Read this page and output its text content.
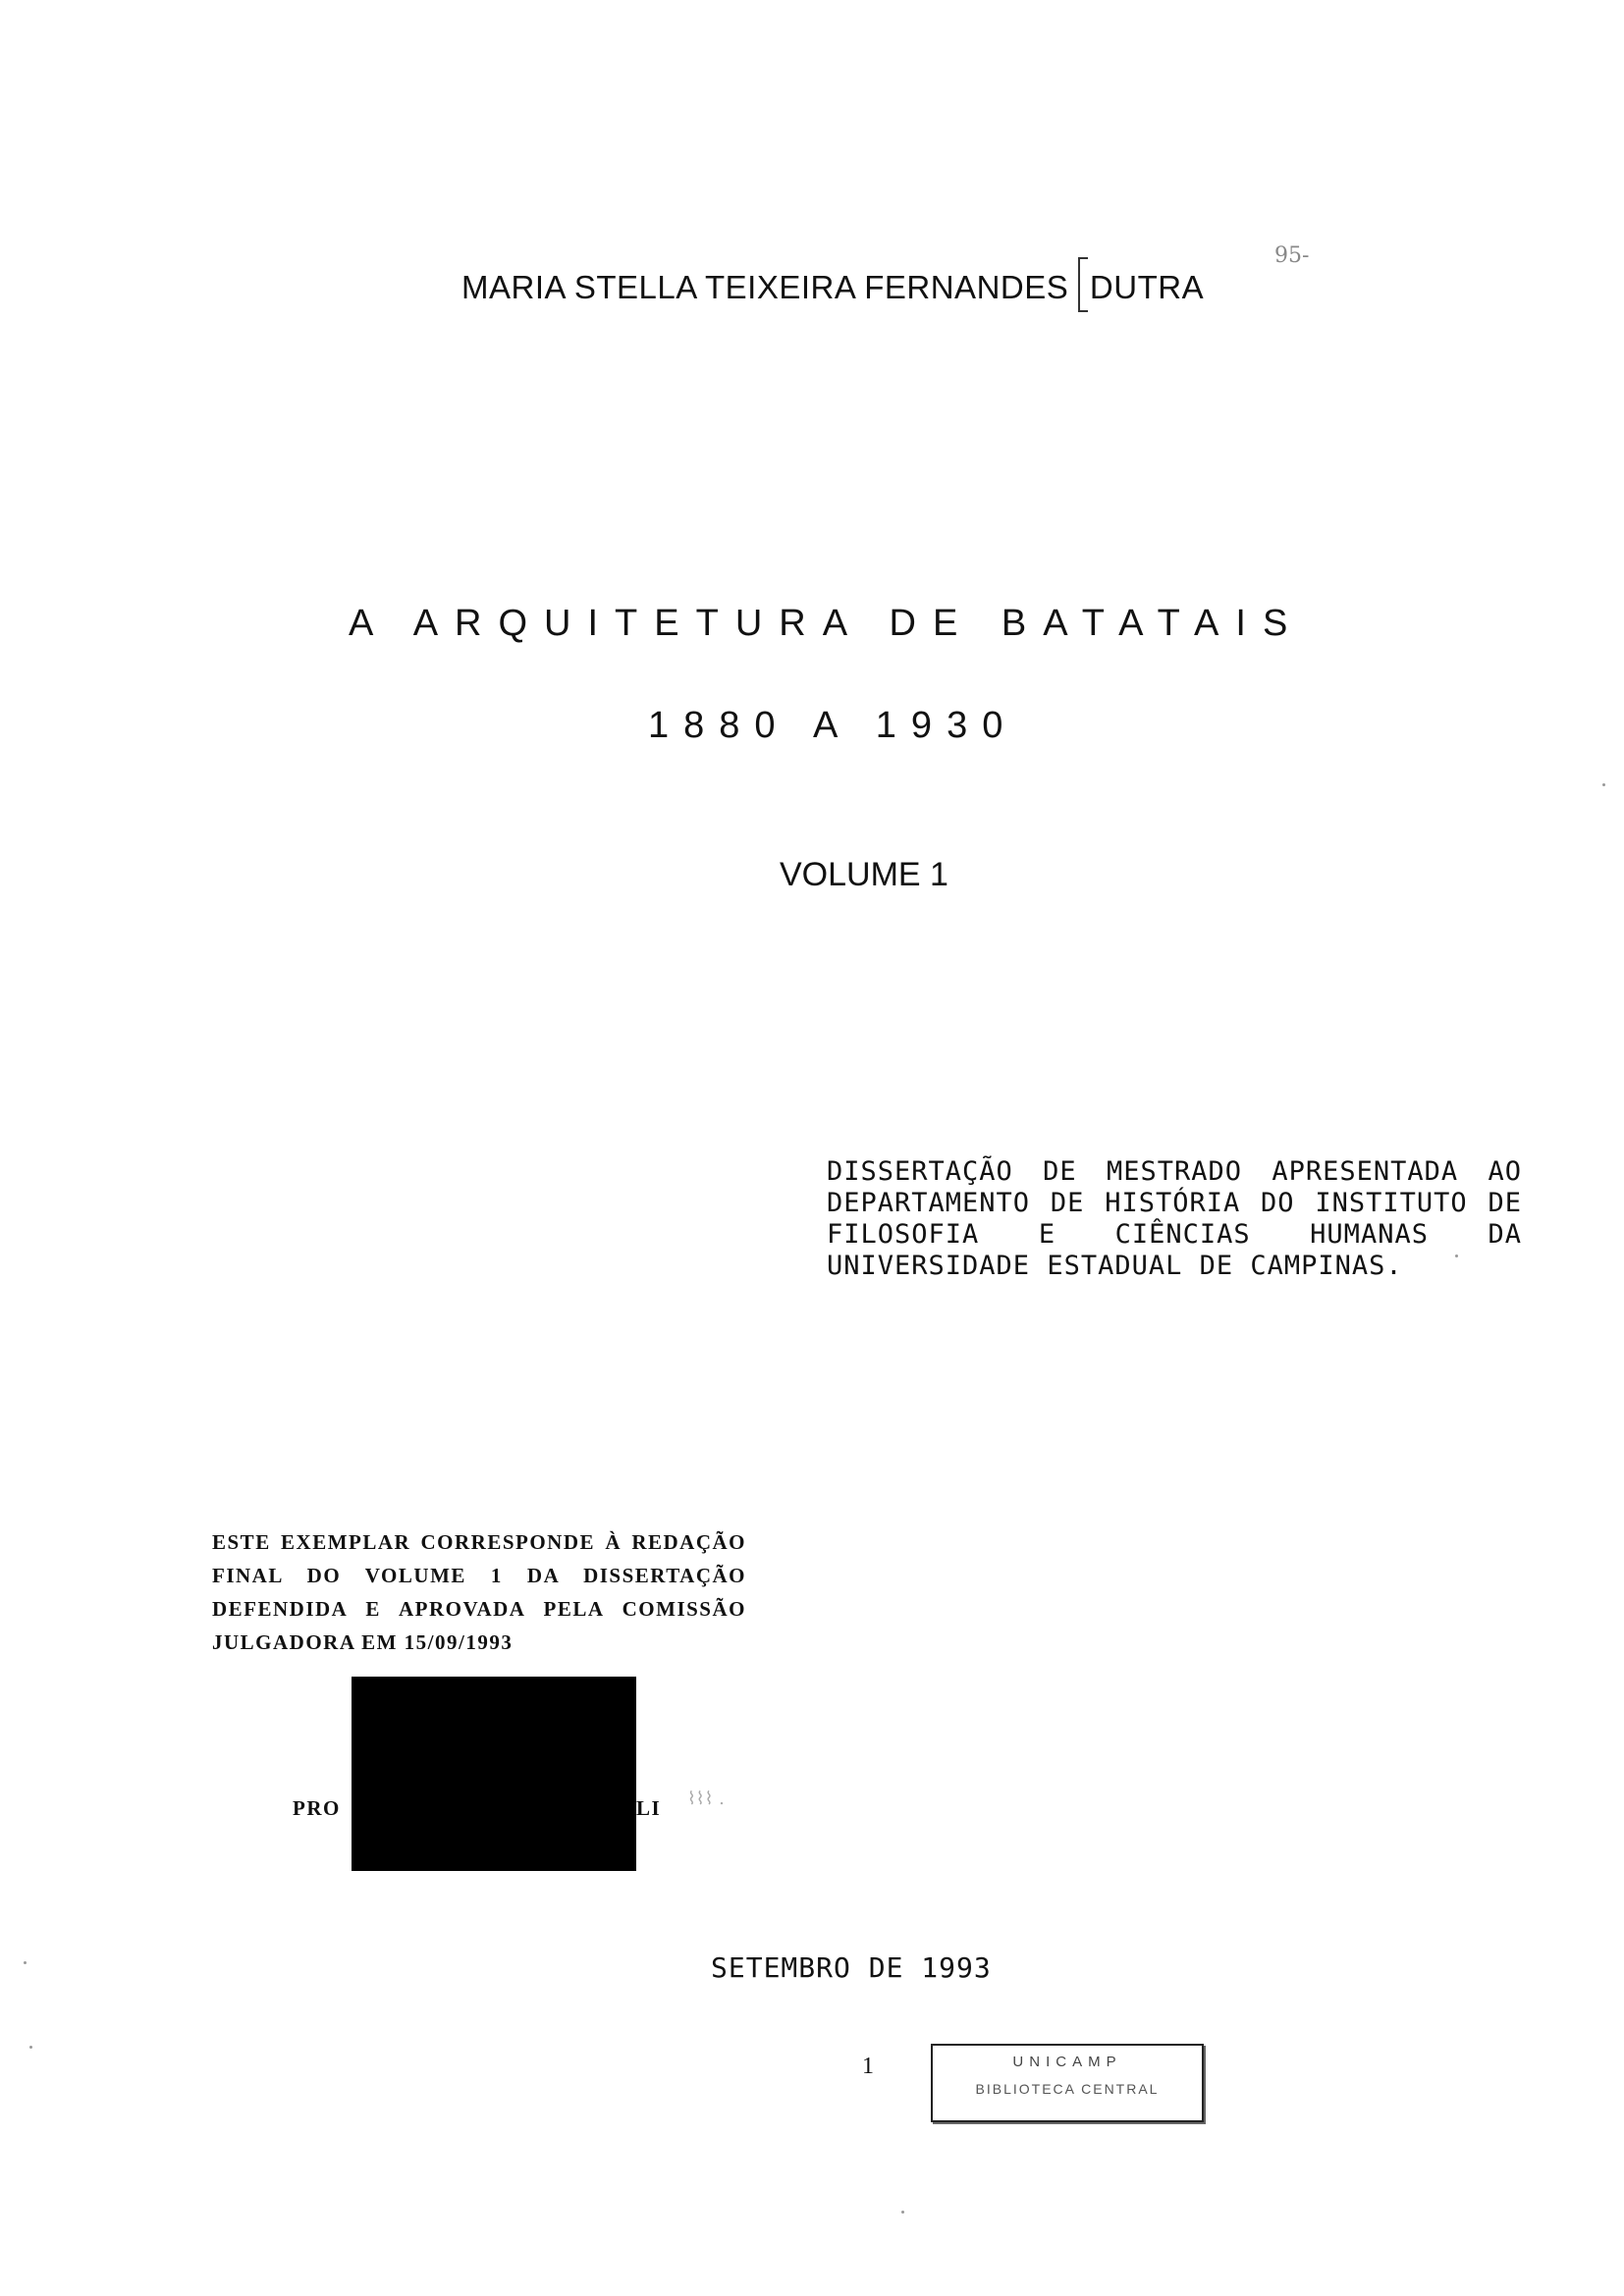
MARIA STELLA TEIXEIRA FERNANDES DUTRA
95-
A ARQUITETURA DE BATATAIS
1880 A 1930
VOLUME 1
DISSERTAÇÃO DE MESTRADO APRESENTADA AO DEPARTAMENTO DE HISTÓRIA DO INSTITUTO DE FILOSOFIA E CIÊNCIAS HUMANAS DA UNIVERSIDADE ESTADUAL DE CAMPINAS.
ESTE EXEMPLAR CORRESPONDE À REDAÇÃO FINAL DO VOLUME 1 DA DISSERTAÇÃO DEFENDIDA E APROVADA PELA COMISSÃO JULGADORA EM 15/09/1993
PRO	LI ⌇⌇⌇ .
SETEMBRO DE 1993
1	UNICAMP
BIBLIOTECA CENTRAL
